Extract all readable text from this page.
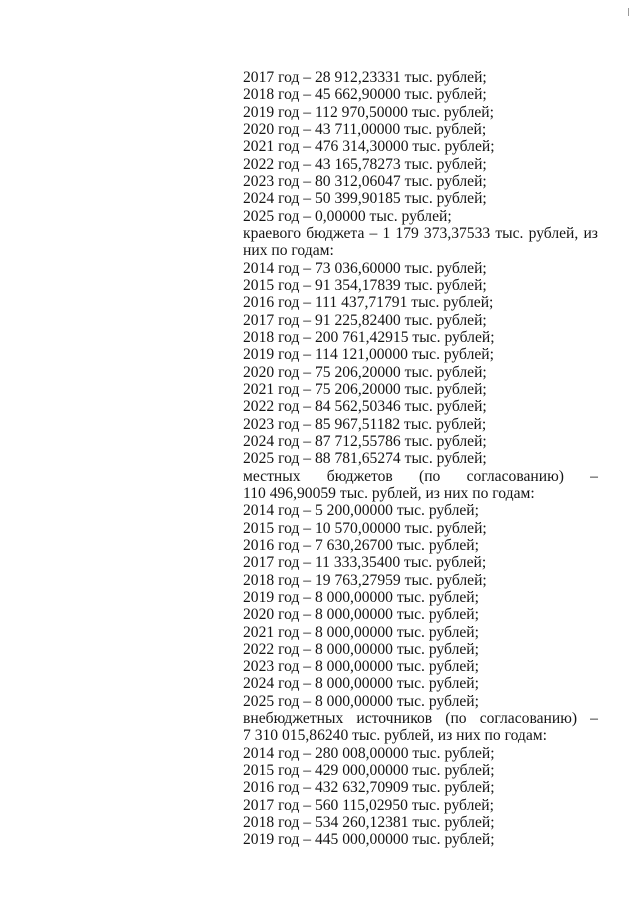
2017 год – 28 912,23331 тыс. рублей;
2018 год – 45 662,90000 тыс. рублей;
2019 год – 112 970,50000 тыс. рублей;
2020 год – 43 711,00000 тыс. рублей;
2021 год – 476 314,30000 тыс. рублей;
2022 год – 43 165,78273 тыс. рублей;
2023 год – 80 312,06047 тыс. рублей;
2024 год – 50 399,90185 тыс. рублей;
2025 год – 0,00000 тыс. рублей;
краевого бюджета – 1 179 373,37533 тыс. рублей, из
них по годам:
2014 год – 73 036,60000 тыс. рублей;
2015 год – 91 354,17839 тыс. рублей;
2016 год – 111 437,71791 тыс. рублей;
2017 год – 91 225,82400 тыс. рублей;
2018 год – 200 761,42915 тыс. рублей;
2019 год – 114 121,00000 тыс. рублей;
2020 год – 75 206,20000 тыс. рублей;
2021 год – 75 206,20000 тыс. рублей;
2022 год – 84 562,50346 тыс. рублей;
2023 год – 85 967,51182 тыс. рублей;
2024 год – 87 712,55786 тыс. рублей;
2025 год – 88 781,65274 тыс. рублей;
местных бюджетов (по согласованию) –
110 496,90059 тыс. рублей, из них по годам:
2014 год – 5 200,00000 тыс. рублей;
2015 год – 10 570,00000 тыс. рублей;
2016 год – 7 630,26700 тыс. рублей;
2017 год – 11 333,35400 тыс. рублей;
2018 год – 19 763,27959 тыс. рублей;
2019 год – 8 000,00000 тыс. рублей;
2020 год – 8 000,00000 тыс. рублей;
2021 год – 8 000,00000 тыс. рублей;
2022 год – 8 000,00000 тыс. рублей;
2023 год – 8 000,00000 тыс. рублей;
2024 год – 8 000,00000 тыс. рублей;
2025 год – 8 000,00000 тыс. рублей;
внебюджетных источников (по согласованию) –
7 310 015,86240 тыс. рублей, из них по годам:
2014 год – 280 008,00000 тыс. рублей;
2015 год – 429 000,00000 тыс. рублей;
2016 год – 432 632,70909 тыс. рублей;
2017 год – 560 115,02950 тыс. рублей;
2018 год – 534 260,12381 тыс. рублей;
2019 год – 445 000,00000 тыс. рублей;
